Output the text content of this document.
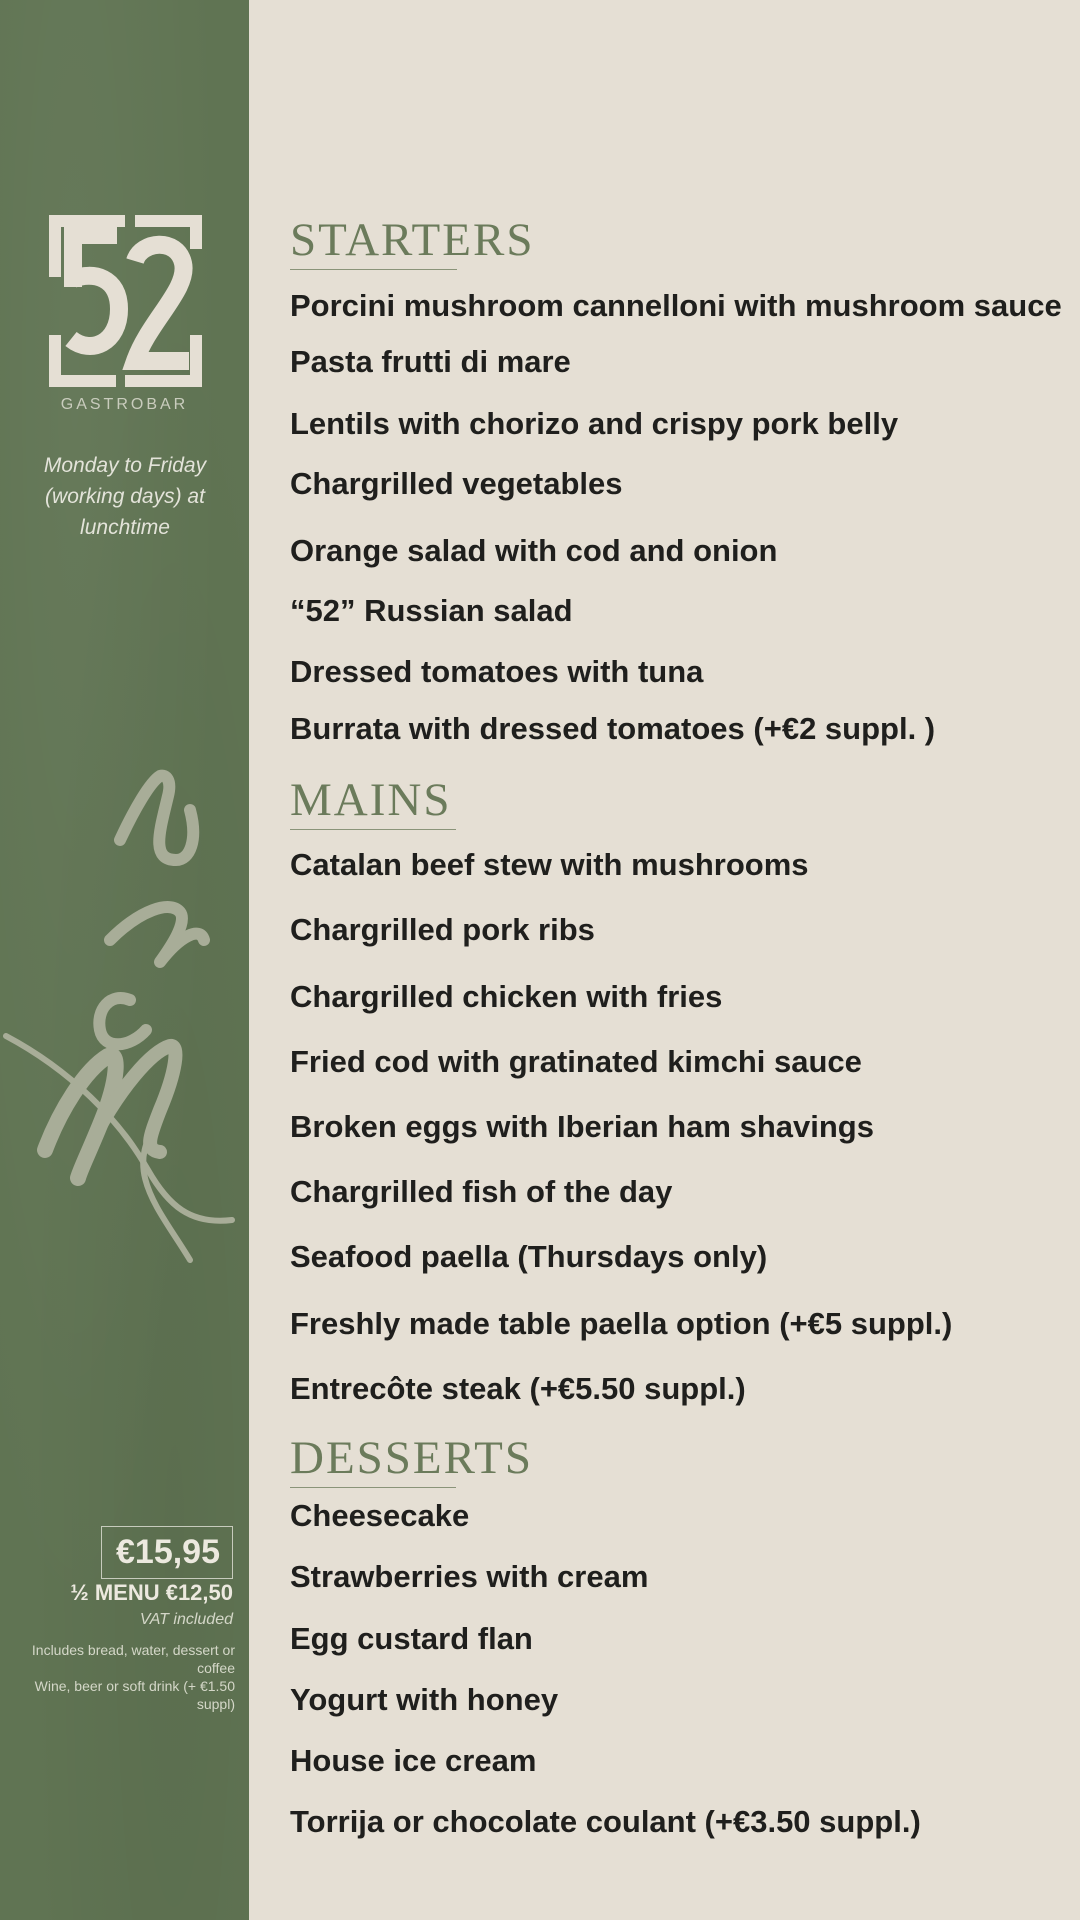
GASTROBAR
Monday to Friday (working days) at lunchtime
€15,95
½ MENU €12,50
VAT included
Includes bread, water, dessert or coffee
Wine, beer or soft drink (+ €1.50 suppl)
STARTERS
Porcini mushroom cannelloni with mushroom sauce
Pasta frutti di mare
Lentils with chorizo and crispy pork belly
Chargrilled vegetables
Orange salad with cod and onion
“52” Russian salad
Dressed tomatoes with tuna
Burrata with dressed tomatoes (+€2 suppl. )
MAINS
Catalan beef stew with mushrooms
Chargrilled pork ribs
Chargrilled chicken with fries
Fried cod with gratinated kimchi sauce
Broken eggs with Iberian ham shavings
Chargrilled fish of the day
Seafood paella (Thursdays only)
Freshly made table paella option (+€5 suppl.)
Entrecôte steak (+€5.50 suppl.)
DESSERTS
Cheesecake
Strawberries with cream
Egg custard flan
Yogurt with honey
House ice cream
Torrija or chocolate coulant (+€3.50 suppl.)
